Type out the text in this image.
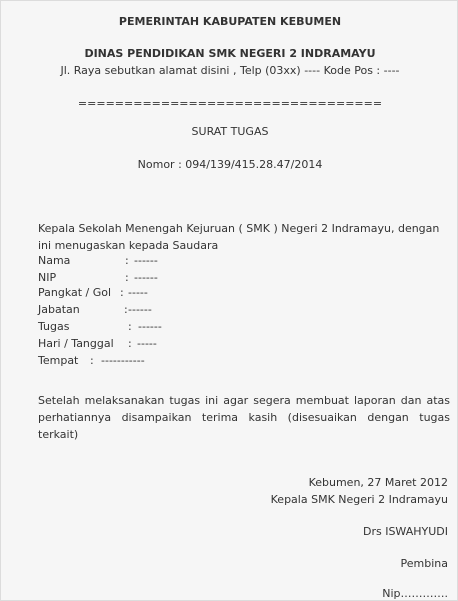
PEMERINTAH KABUPATEN KEBUMEN
DINAS PENDIDIKAN SMK NEGERI 2 INDRAMAYU
Jl. Raya sebutkan alamat disini , Telp (03xx) ---- Kode Pos : ----
=================================
SURAT TUGAS
Nomor : 094/139/415.28.47/2014
Kepala Sekolah Menengah Kejuruan ( SMK ) Negeri 2 Indramayu, dengan ini menugaskan kepada Saudara
Nama	: ------
NIP	: ------
Pangkat / Gol : -----
Jabatan	: ------
Tugas	: ------
Hari / Tanggal : -----
Tempat : -----------
Setelah melaksanakan tugas ini agar segera membuat laporan dan atas perhatiannya disampaikan terima kasih (disesuaikan dengan tugas terkait)
Kebumen, 27 Maret 2012
Kepala SMK Negeri 2 Indramayu
Drs ISWAHYUDI
Pembina
Nip………….
